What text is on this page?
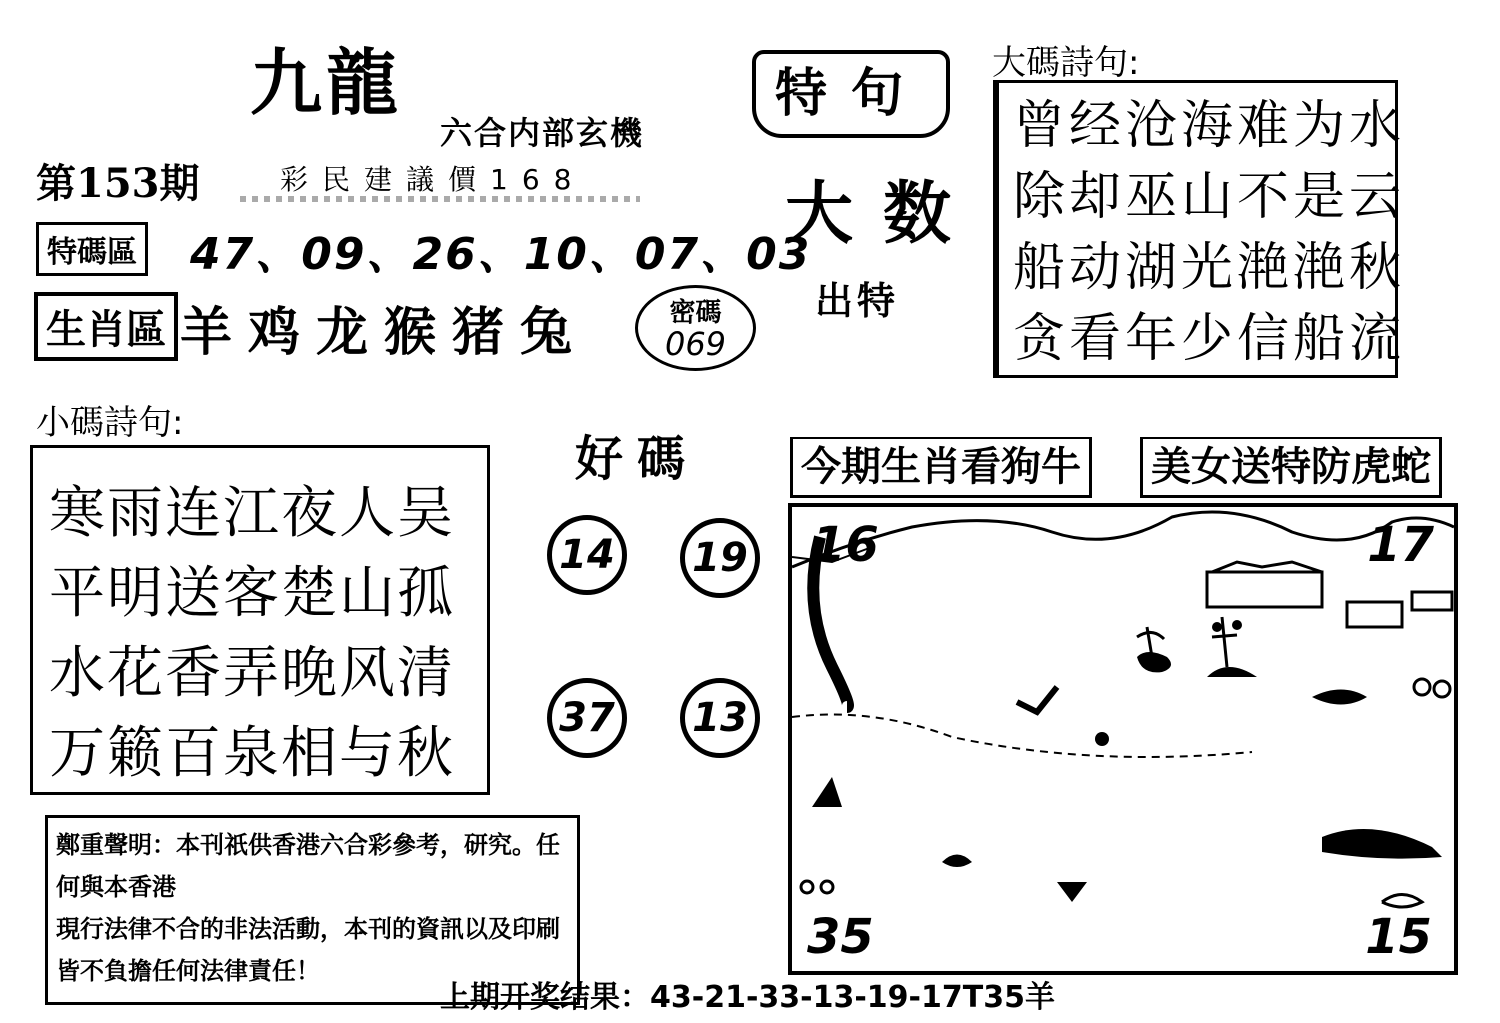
九龍
六合内部玄機
第153期	彩民建議價168
特碼區 47、09、26、10、07、03
生肖區 羊鸡龙猴猪兔	密碼
069
特句
大数
出特
大碼詩句:
曾经沧海难为水
除却巫山不是云
船动湖光滟滟秋
贪看年少信船流
小碼詩句:
寒雨连江夜人吴
平明送客楚山孤
水花香弄晚风清
万籁百泉相与秋
好碼
14	19
37	13
今期生肖看狗牛 美女送特防虎蛇
16	17
35	15
鄭重聲明：本刊祇供香港六合彩參考，研究。任何與本香港
現行法律不合的非法活動，本刊的資訊以及印刷
皆不負擔任何法律責任！
上期开奖结果：43-21-33-13-19-17T35羊
